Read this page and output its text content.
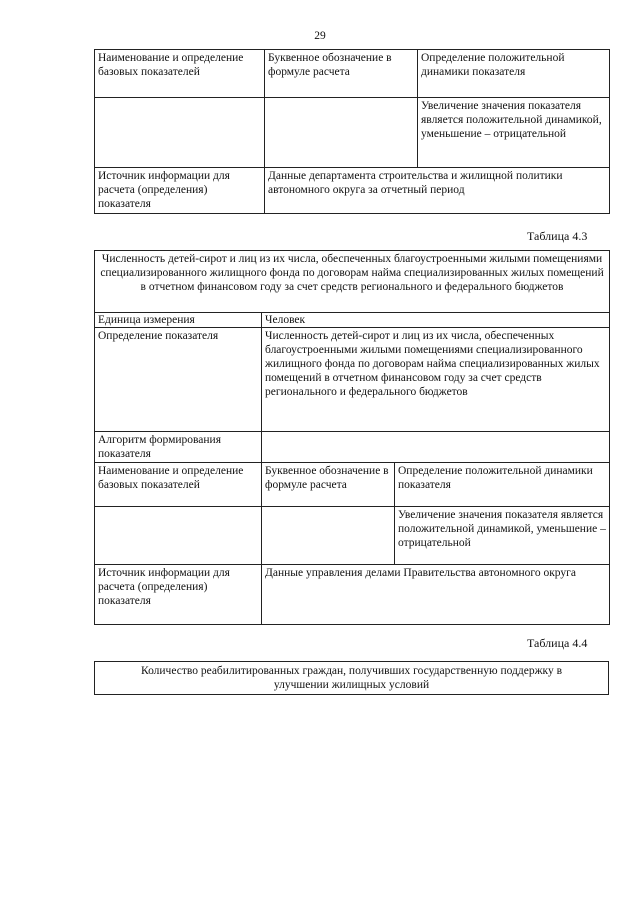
29
Наименование и определение базовых показателей	Буквенное обозначение в формуле расчета	Определение положительной динамики показателя
		Увеличение значения показателя является положительной динамикой, уменьшение – отрицательной
Источник информации для расчета (определения) показателя	Данные департамента строительства и жилищной политики автономного округа за отчетный период	
Таблица 4.3
Численность детей-сирот и лиц из их числа, обеспеченных благоустроенными жилыми помещениями специализированного жилищного фонда по договорам найма специализированных жилых помещений в отчетном финансовом году за счет средств регионального и федерального бюджетов		
Единица измерения	Человек	
Определение показателя	Численность детей-сирот и лиц из их числа, обеспеченных благоустроенными жилыми помещениями специализированного жилищного фонда по договорам найма специализированных жилых помещений в отчетном финансовом году за счет средств регионального и федерального бюджетов	
Алгоритм формирования показателя		
Наименование и определение базовых показателей	Буквенное обозначение в формуле расчета	Определение положительной динамики показателя
		Увеличение значения показателя является положительной динамикой, уменьшение – отрицательной
Источник информации для расчета (определения) показателя	Данные управления делами Правительства автономного округа	
Таблица 4.4
Количество реабилитированных граждан, получивших государственную поддержку в улучшении жилищных условий
